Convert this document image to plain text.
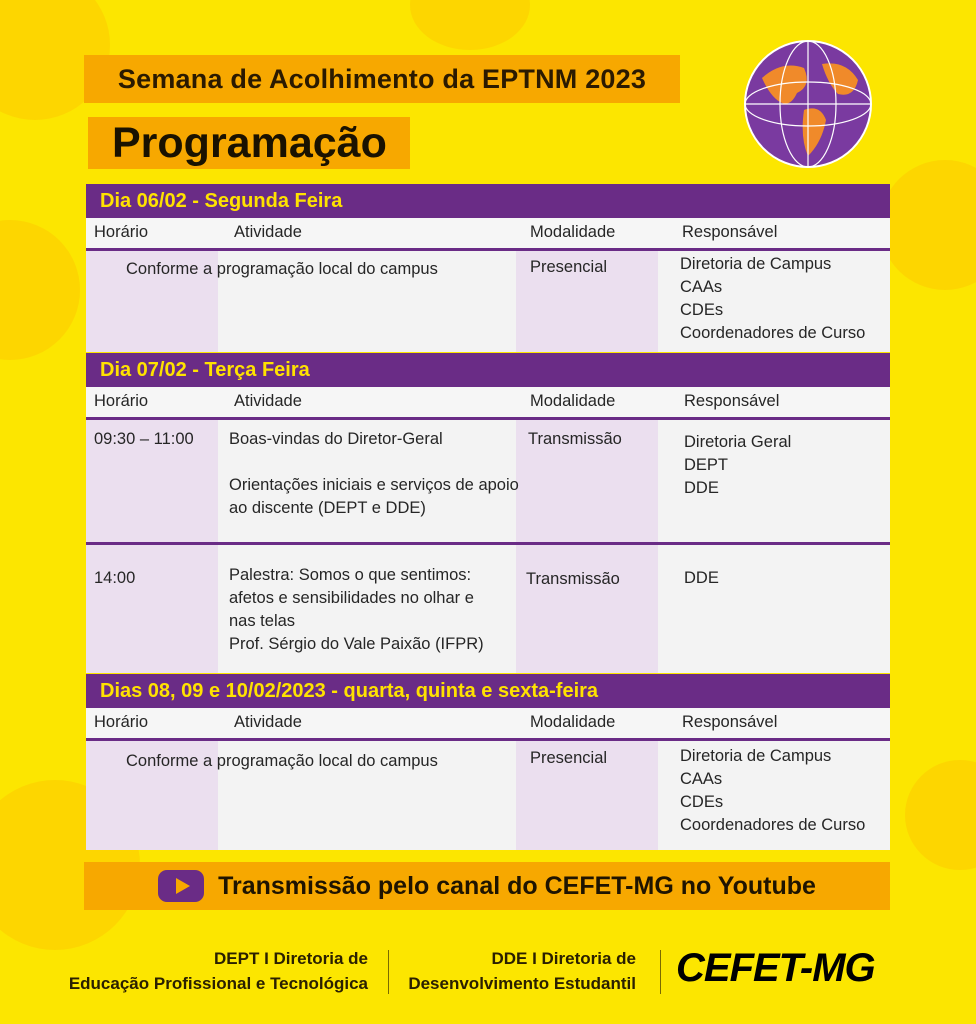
Semana de Acolhimento da EPTNM 2023
Programação
Dia 06/02 - Segunda Feira
Horário	Atividade	Modalidade	Responsável
Conforme a programação local do campus	Presencial	Diretoria de Campus
CAAs
CDEs
Coordenadores de Curso
Dia 07/02 - Terça Feira
Horário	Atividade	Modalidade	Responsável
09:30 – 11:00 Boas-vindas do Diretor-Geral

Orientações iniciais e serviços de apoio
ao discente (DEPT e DDE)
Transmissão	Diretoria Geral
DEPT
DDE
14:00	Palestra: Somos o que sentimos:
afetos e sensibilidades no olhar e
nas telas
Prof. Sérgio do Vale Paixão (IFPR)
Transmissão	DDE
Dias 08, 09 e 10/02/2023 - quarta, quinta e sexta-feira
Horário	Atividade	Modalidade	Responsável
Conforme a programação local do campus	Presencial	Diretoria de Campus
CAAs
CDEs
Coordenadores de Curso
Transmissão pelo canal do CEFET-MG no Youtube
DEPT I Diretoria de
Educação Profissional e Tecnológica
DDE I Diretoria de
Desenvolvimento Estudantil CEFET-MG
